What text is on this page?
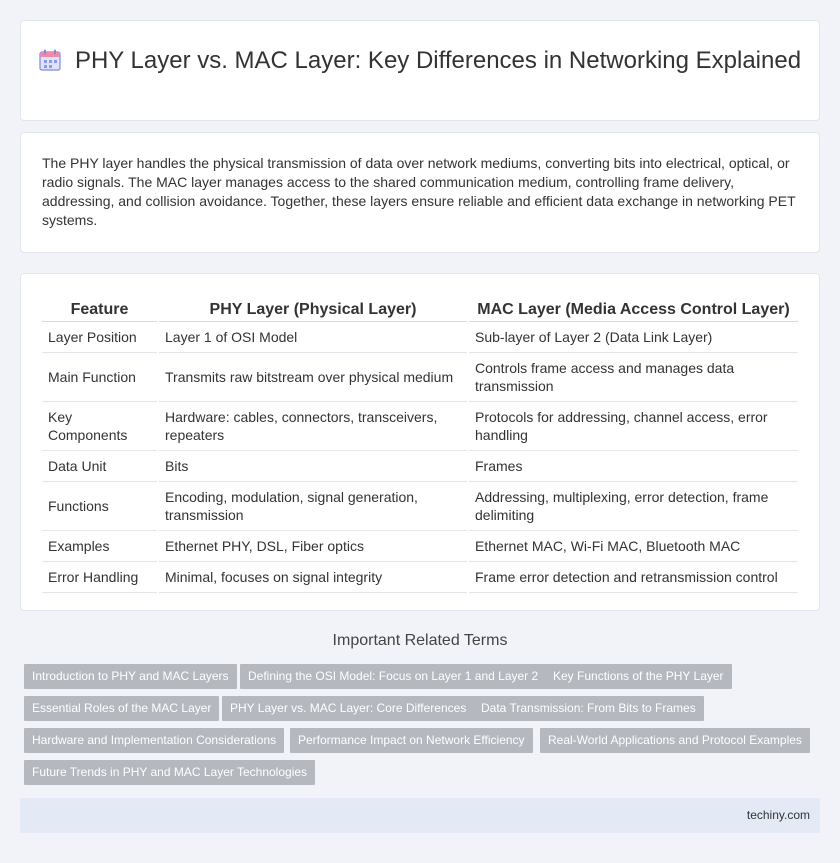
PHY Layer vs. MAC Layer: Key Differences in Networking Explained

The PHY layer handles the physical transmission of data over network mediums, converting bits into electrical, optical, or radio signals. The MAC layer manages access to the shared communication medium, controlling frame delivery, addressing, and collision avoidance. Together, these layers ensure reliable and efficient data exchange in networking PET systems.

Feature	PHY Layer (Physical Layer)	MAC Layer (Media Access Control Layer)
Layer Position	Layer 1 of OSI Model	Sub-layer of Layer 2 (Data Link Layer)
Main Function	Transmits raw bitstream over physical medium	Controls frame access and manages data transmission
Key Components	Hardware: cables, connectors, transceivers, repeaters	Protocols for addressing, channel access, error handling
Data Unit	Bits	Frames
Functions	Encoding, modulation, signal generation, transmission	Addressing, multiplexing, error detection, frame delimiting
Examples	Ethernet PHY, DSL, Fiber optics	Ethernet MAC, Wi-Fi MAC, Bluetooth MAC
Error Handling	Minimal, focuses on signal integrity	Frame error detection and retransmission control
Important Related Terms
Introduction to PHY and MAC Layers	Defining the OSI Model: Focus on Layer 1 and Layer 2	Key Functions of the PHY Layer
Essential Roles of the MAC Layer	PHY Layer vs. MAC Layer: Core Differences	Data Transmission: From Bits to Frames
Hardware and Implementation Considerations	Performance Impact on Network Efficiency	Real-World Applications and Protocol Examples
Future Trends in PHY and MAC Layer Technologies
techiny.com
